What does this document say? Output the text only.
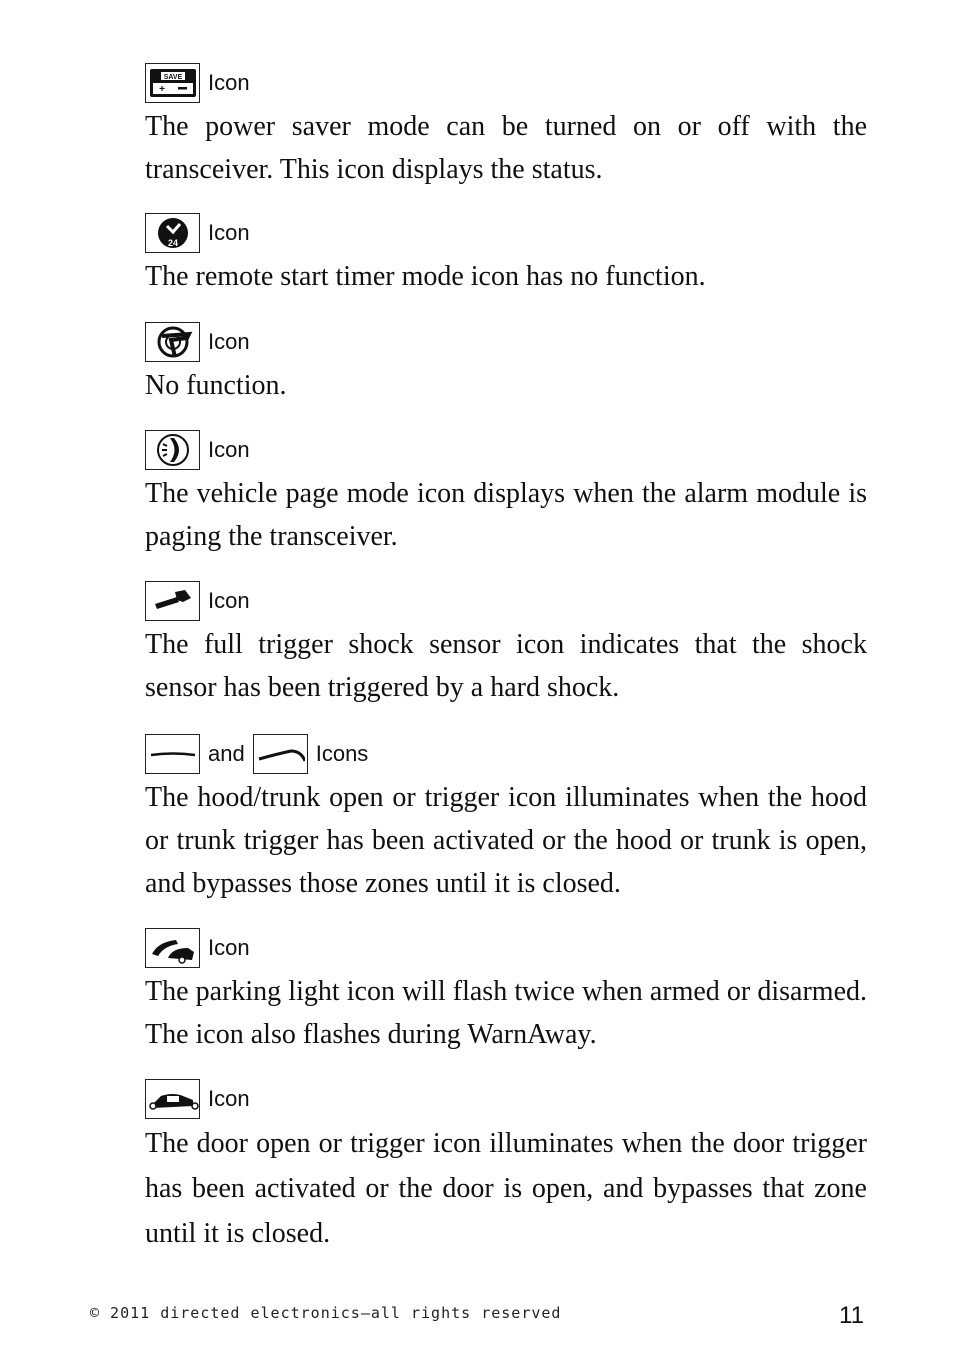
SAVE
+ Icon

The power saver mode can be turned on or off with the transceiver. This icon displays the status.

24 Icon

The remote start timer mode icon has no function.

Icon

No function.

Icon

The vehicle page mode icon displays when the alarm module is paging the transceiver.

Icon

The full trigger shock sensor icon indicates that the shock sensor has been triggered by a hard shock.

and	Icons

The hood/trunk open or trigger icon illuminates when the hood or trunk trigger has been activated or the hood or trunk is open, and bypasses those zones until it is closed.

Icon

The parking light icon will flash twice when armed or disarmed. The icon also flashes during WarnAway.

Icon

The door open or trigger icon illuminates when the door trigger has been activated or the door is open, and bypasses that zone until it is closed.

© 2011 directed electronics—all rights reserved	11
